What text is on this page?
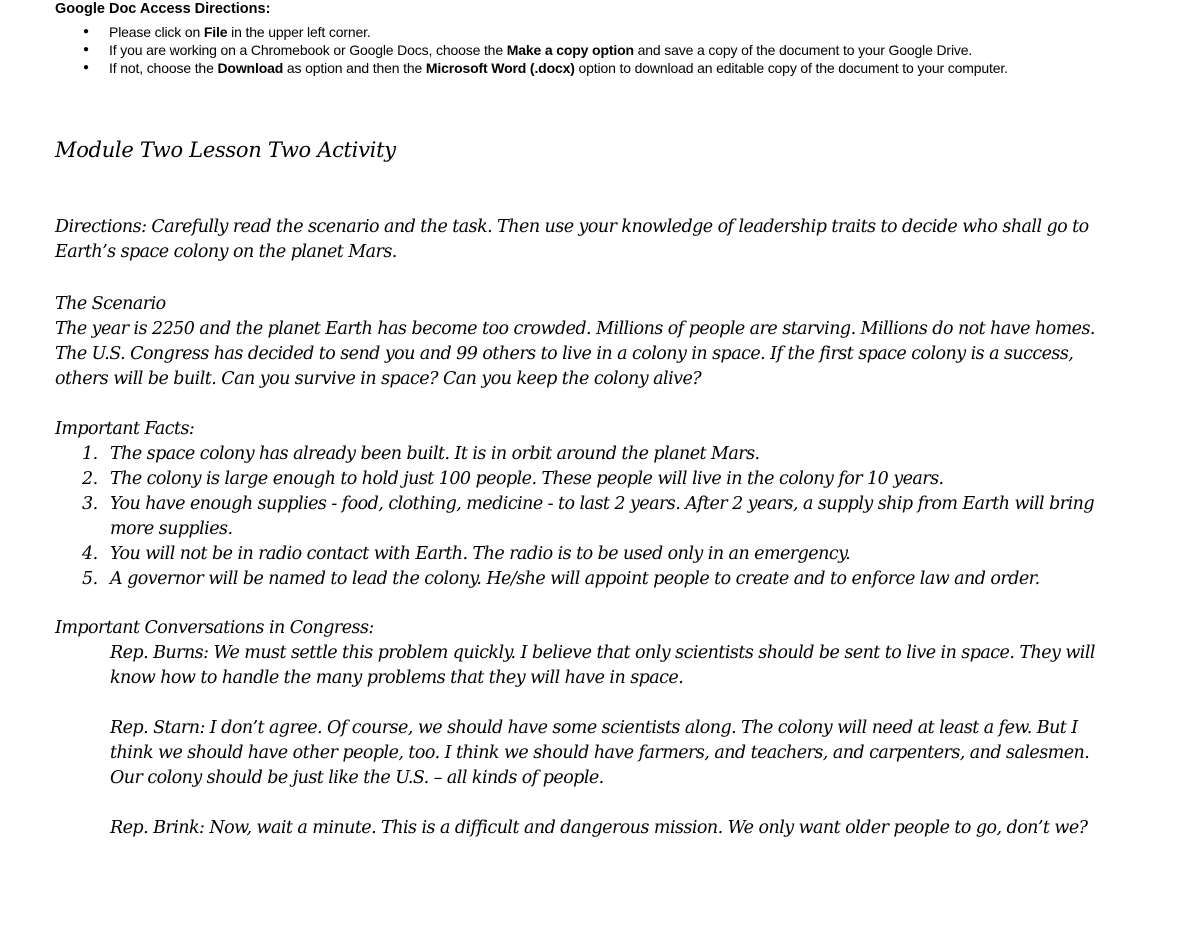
Google Doc Access Directions:
● Please click on File in the upper left corner.
● If you are working on a Chromebook or Google Docs, choose the Make a copy option and save a copy of the document to your Google Drive.
● If not, choose the Download as option and then the Microsoft Word (.docx) option to download an editable copy of the document to your computer.
Module Two Lesson Two Activity

Directions: Carefully read the scenario and the task. Then use your knowledge of leadership traits to decide who shall go to

Earth’s space colony on the planet Mars.

The Scenario

The year is 2250 and the planet Earth has become too crowded. Millions of people are starving. Millions do not have homes.

The U.S. Congress has decided to send you and 99 others to live in a colony in space. If the first space colony is a success,

others will be built. Can you survive in space? Can you keep the colony alive?

Important Facts:
1. The space colony has already been built. It is in orbit around the planet Mars.
2. The colony is large enough to hold just 100 people. These people will live in the colony for 10 years.
3. You have enough supplies - food, clothing, medicine - to last 2 years. After 2 years, a supply ship from Earth will bring
more supplies.
4. You will not be in radio contact with Earth. The radio is to be used only in an emergency.
5. A governor will be named to lead the colony. He/she will appoint people to create and to enforce law and order.
Important Conversations in Congress:

Rep. Burns: We must settle this problem quickly. I believe that only scientists should be sent to live in space. They will

know how to handle the many problems that they will have in space.

Rep. Starn: I don’t agree. Of course, we should have some scientists along. The colony will need at least a few. But I

think we should have other people, too. I think we should have farmers, and teachers, and carpenters, and salesmen.

Our colony should be just like the U.S. – all kinds of people.

Rep. Brink: Now, wait a minute. This is a difficult and dangerous mission. We only want older people to go, don’t we?
